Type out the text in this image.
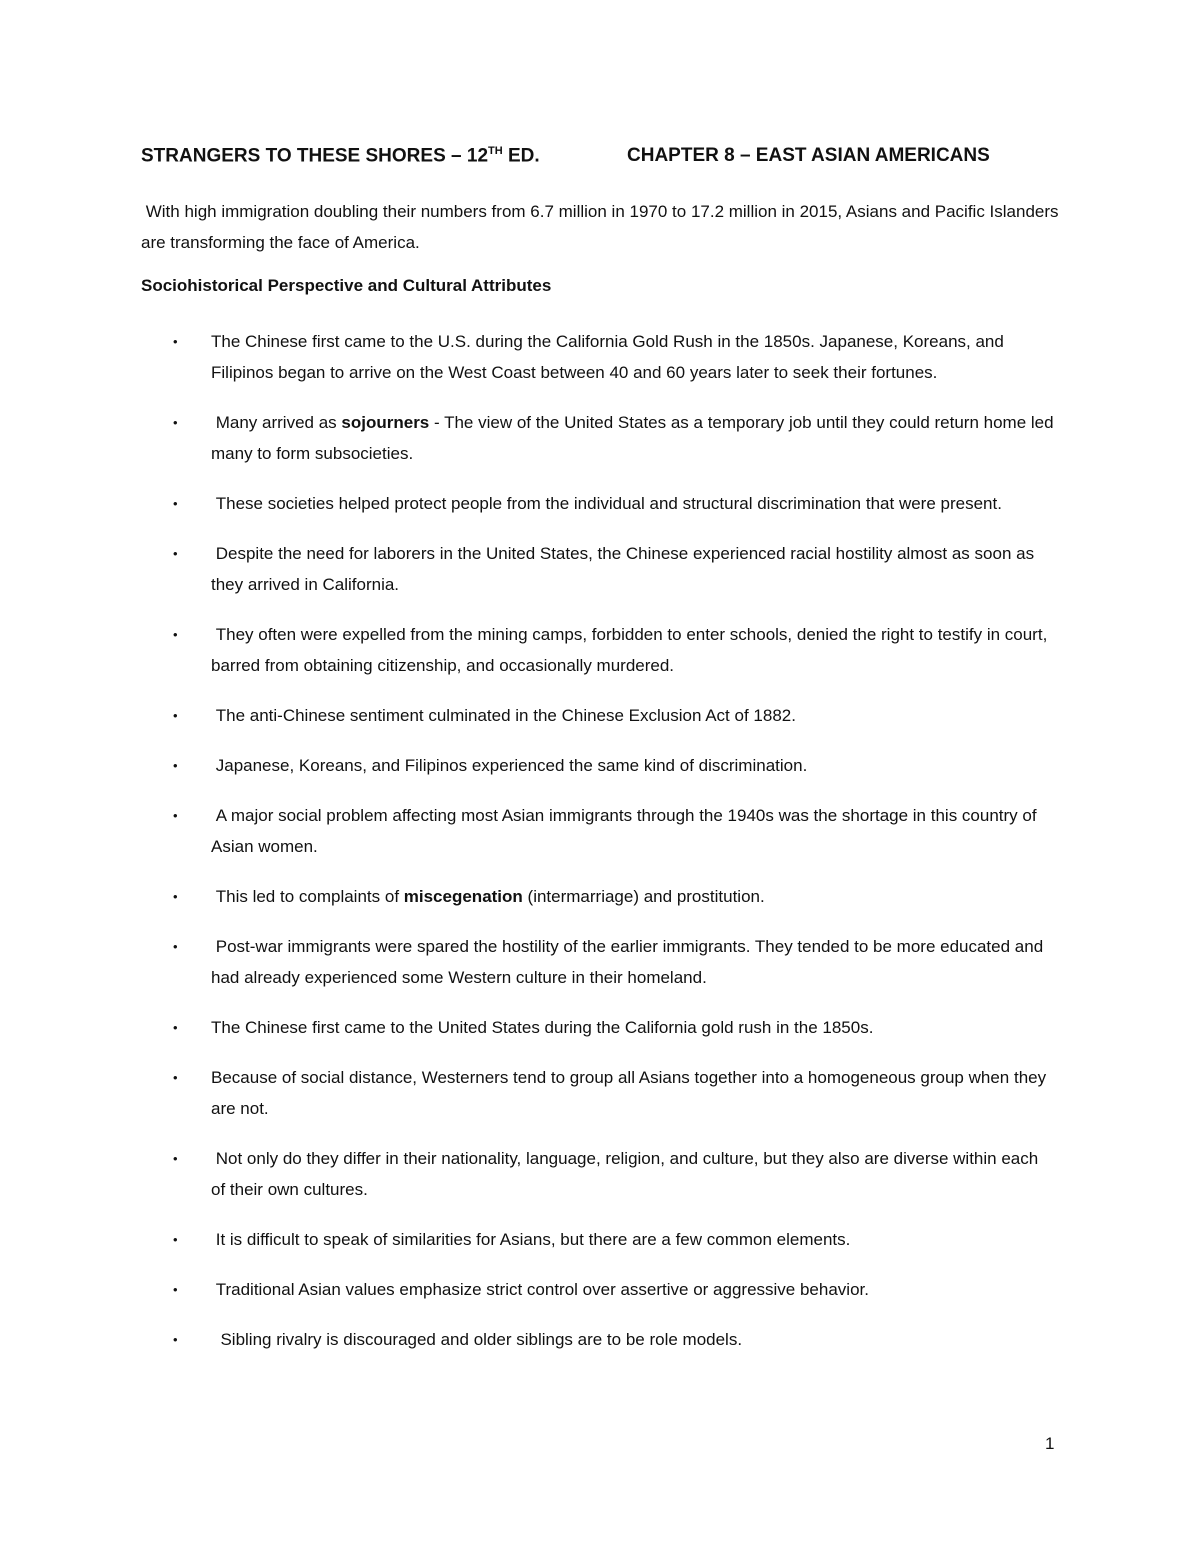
STRANGERS TO THESE SHORES – 12TH ED.	CHAPTER 8 – EAST ASIAN AMERICANS

With high immigration doubling their numbers from 6.7 million in 1970 to 17.2 million in 2015, Asians and Pacific Islanders are transforming the face of America.

Sociohistorical Perspective and Cultural Attributes

• The Chinese first came to the U.S. during the California Gold Rush in the 1850s. Japanese, Koreans, and Filipinos began to arrive on the West Coast between 40 and 60 years later to seek their fortunes.
• Many arrived as sojourners - The view of the United States as a temporary job until they could return home led many to form subsocieties.
• These societies helped protect people from the individual and structural discrimination that were present.
• Despite the need for laborers in the United States, the Chinese experienced racial hostility almost as soon as they arrived in California.
• They often were expelled from the mining camps, forbidden to enter schools, denied the right to testify in court, barred from obtaining citizenship, and occasionally murdered.
• The anti-Chinese sentiment culminated in the Chinese Exclusion Act of 1882.
• Japanese, Koreans, and Filipinos experienced the same kind of discrimination.
• A major social problem affecting most Asian immigrants through the 1940s was the shortage in this country of Asian women.
• This led to complaints of miscegenation (intermarriage) and prostitution.
• Post-war immigrants were spared the hostility of the earlier immigrants. They tended to be more educated and had already experienced some Western culture in their homeland.
• The Chinese first came to the United States during the California gold rush in the 1850s.
• Because of social distance, Westerners tend to group all Asians together into a homogeneous group when they are not.
• Not only do they differ in their nationality, language, religion, and culture, but they also are diverse within each of their own cultures.
• It is difficult to speak of similarities for Asians, but there are a few common elements.
• Traditional Asian values emphasize strict control over assertive or aggressive behavior.
• Sibling rivalry is discouraged and older siblings are to be role models.
1
